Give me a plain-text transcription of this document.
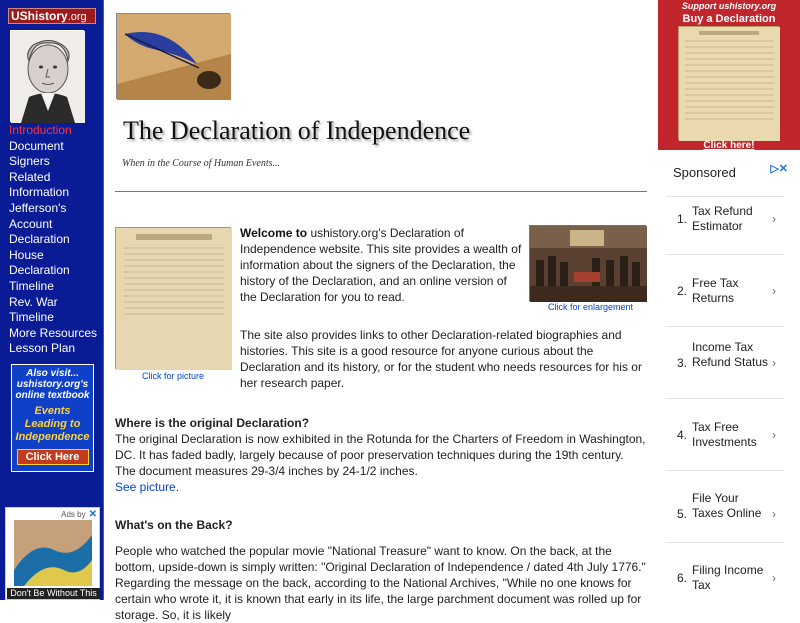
UShistory.org
Introduction
Document
Signers
Related
Information
Jefferson's
Account
Declaration
House
Declaration
Timeline
Rev. War
Timeline
More Resources
Lesson Plan
Also visit... ushistory.org's online textbook
Events Leading to Independence
Click Here
Ads by ✕
Don't Be Without This
The Declaration of Independence
When in the Course of Human Events...
Click for picture
Welcome to ushistory.org's Declaration of Independence website. This site provides a wealth of information about the signers of the Declaration, the history of the Declaration, and an online version of the Declaration for you to read.
Click for enlargement
The site also provides links to other Declaration-related biographies and histories. This site is a good resource for anyone curious about the Declaration and its history, or for the student who needs resources for his or her research paper.
Where is the original Declaration?
The original Declaration is now exhibited in the Rotunda for the Charters of Freedom in Washington, DC. It has faded badly, largely because of poor preservation techniques during the 19th century. The document measures 29-3/4 inches by 24-1/2 inches.
See picture.
What's on the Back?
People who watched the popular movie "National Treasure" want to know. On the back, at the bottom, upside-down is simply written: "Original Declaration of Independence / dated 4th July 1776." Regarding the message on the back, according to the National Archives, "While no one knows for certain who wrote it, it is known that early in its life, the large parchment document was rolled up for storage. So, it is likely
Support ushistory.org
Buy a Declaration
Click here!
Sponsored	▷✕
1.
Tax Refund Estimator	›
2.
Free Tax Returns	›
3.
Income Tax Refund Status ›
4.
Tax Free Investments	›
5.
File Your Taxes Online ›
6.
Filing Income Tax	›
